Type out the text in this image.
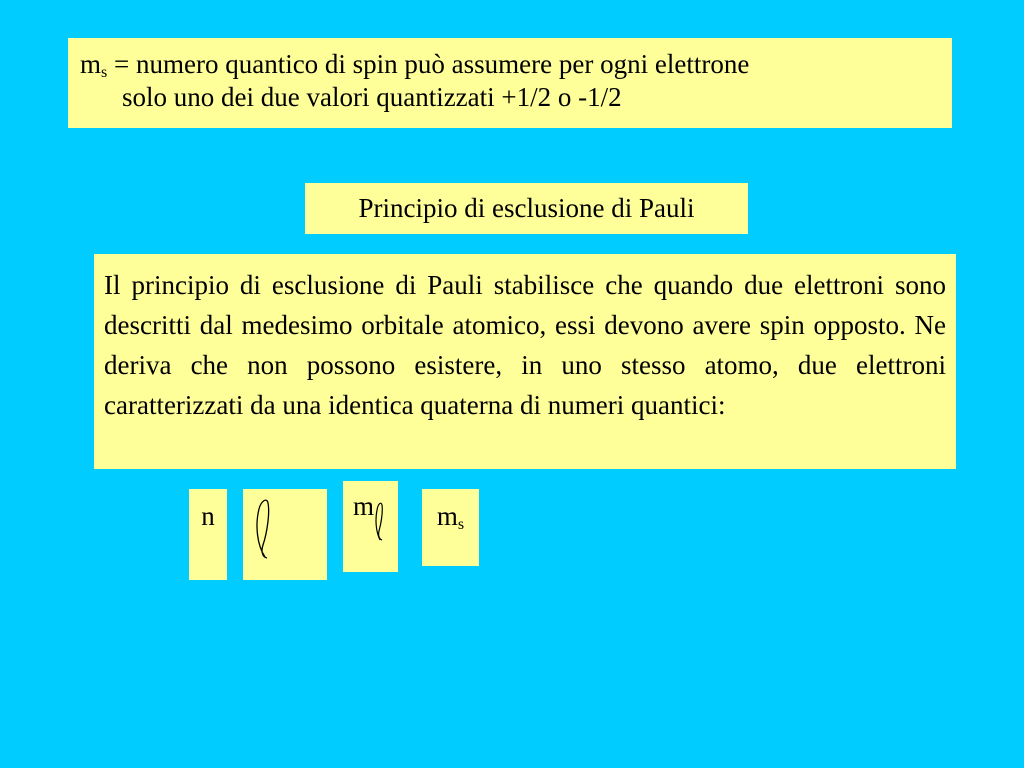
$m_s$ = numero quantico di spin può assumere per ogni elettrone
solo uno dei due valori quantizzati +1/2 o -1/2
Principio di esclusione di Pauli
Il principio di esclusione di Pauli stabilisce che quando due elettroni sono descritti dal medesimo orbitale atomico, essi devono avere spin opposto. Ne deriva che non possono esistere, in uno stesso atomo, due elettroni caratterizzati da una identica quaterna di numeri quantici:
n	m	$m_s$
